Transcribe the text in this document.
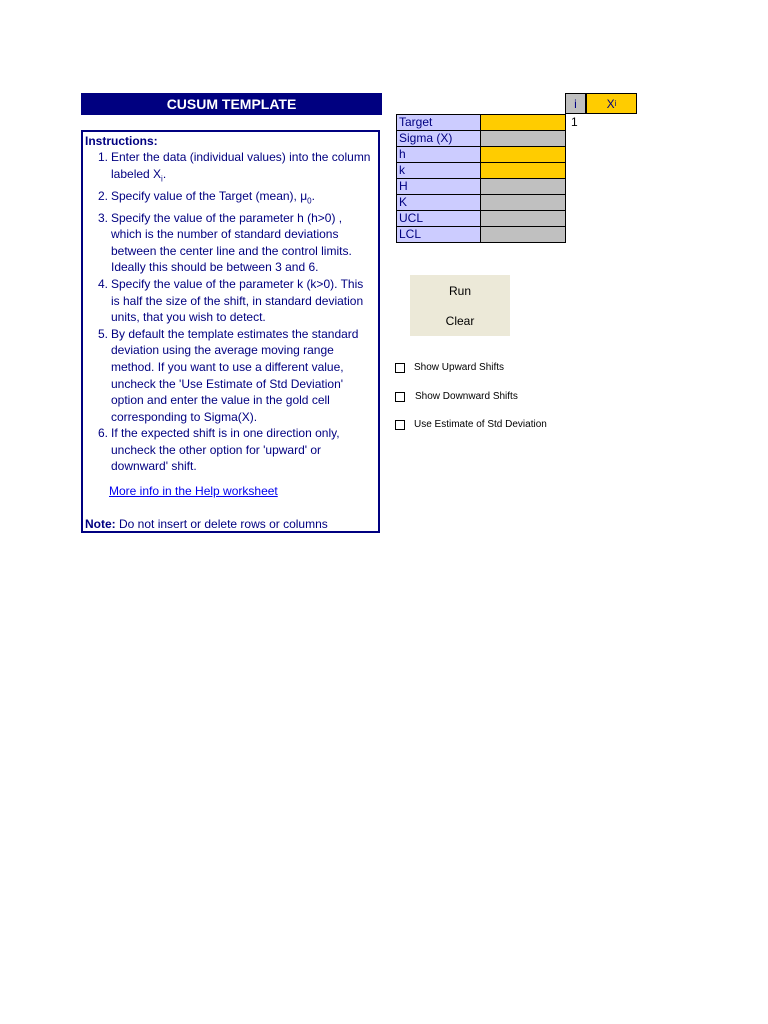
CUSUM TEMPLATE
Instructions:
1. Enter the data (individual values) into the column labeled $X_i$.
2. Specify value of the Target (mean), $\mu_0$.
3. Specify the value of the parameter h (h>0) , which is the number of standard deviations between the center line and the control limits. Ideally this should be between 3 and 6.
4. Specify the value of the parameter k (k>0). This is half the size of the shift, in standard deviation units, that you wish to detect.
5. By default the template estimates the standard deviation using the average moving range method. If you want to use a different value, uncheck the 'Use Estimate of Std Deviation' option and enter the value in the gold cell corresponding to Sigma(X).
6. If the expected shift is in one direction only, uncheck the other option for 'upward' or downward' shift.
More info in the Help worksheet
Note: Do not insert or delete rows or columns
Target	
Sigma (X)	
h	
k	
H	
K	
UCL	
LCL	
i	X i
1
Run
Clear
Show Upward Shifts
Show Downward Shifts
Use Estimate of Std Deviation
